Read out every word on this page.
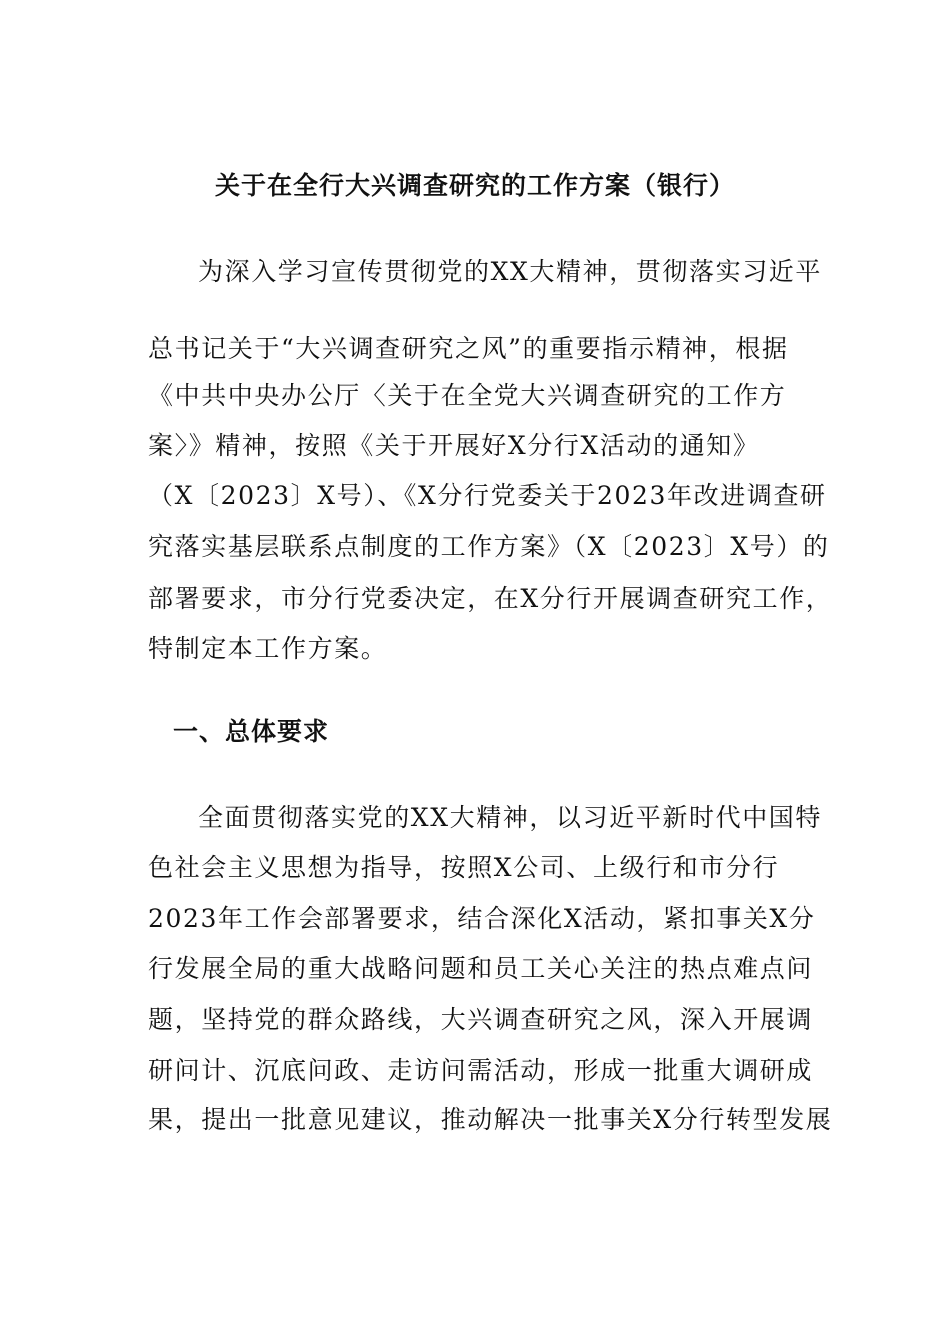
关于在全行大兴调查研究的工作方案（银行）
为深入学习宣传贯彻党的XX大精神，贯彻落实习近平
总书记关于“大兴调查研究之风”的重要指示精神，根据
《中共中央办公厅〈关于在全党大兴调查研究的工作方
案〉》精神，按照《关于开展好X分行X活动的通知》
（X〔2023〕X号）、《X分行党委关于2023年改进调查研
究落实基层联系点制度的工作方案》（X〔2023〕X号）的
部署要求，市分行党委决定，在X分行开展调查研究工作，
特制定本工作方案。
一、总体要求
全面贯彻落实党的XX大精神，以习近平新时代中国特
色社会主义思想为指导，按照X公司、上级行和市分行
2023年工作会部署要求，结合深化X活动，紧扣事关X分
行发展全局的重大战略问题和员工关心关注的热点难点问
题，坚持党的群众路线，大兴调查研究之风，深入开展调
研问计、沉底问政、走访问需活动，形成一批重大调研成
果，提出一批意见建议，推动解决一批事关X分行转型发展
